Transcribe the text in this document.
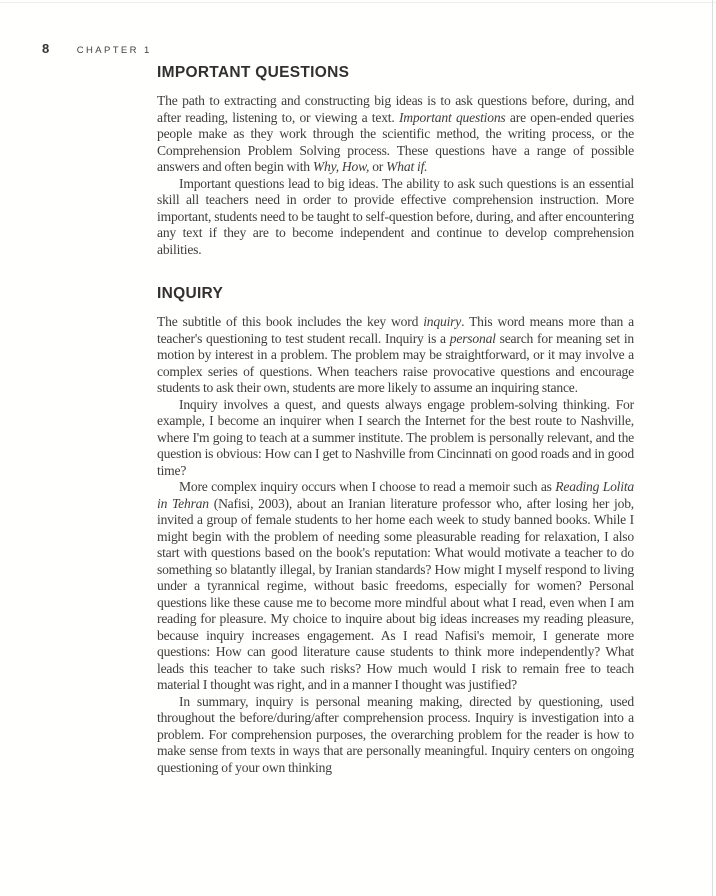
8	CHAPTER 1
IMPORTANT QUESTIONS

The path to extracting and constructing big ideas is to ask questions before, during, and after reading, listening to, or viewing a text. Important questions are open-ended queries people make as they work through the scientific method, the writing process, or the Comprehension Problem Solving process. These questions have a range of possible answers and often begin with Why, How, or What if.

Important questions lead to big ideas. The ability to ask such questions is an essential skill all teachers need in order to provide effective comprehension instruction. More important, students need to be taught to self-question before, during, and after encountering any text if they are to become independent and continue to develop comprehension abilities.

INQUIRY

The subtitle of this book includes the key word inquiry. This word means more than a teacher's questioning to test student recall. Inquiry is a personal search for meaning set in motion by interest in a problem. The problem may be straightforward, or it may involve a complex series of questions. When teachers raise provocative questions and encourage students to ask their own, students are more likely to assume an inquiring stance.

Inquiry involves a quest, and quests always engage problem-solving thinking. For example, I become an inquirer when I search the Internet for the best route to Nashville, where I'm going to teach at a summer institute. The problem is personally relevant, and the question is obvious: How can I get to Nashville from Cincinnati on good roads and in good time?

More complex inquiry occurs when I choose to read a memoir such as Reading Lolita in Tehran (Nafisi, 2003), about an Iranian literature professor who, after losing her job, invited a group of female students to her home each week to study banned books. While I might begin with the problem of needing some pleasurable reading for relaxation, I also start with questions based on the book's reputation: What would motivate a teacher to do something so blatantly illegal, by Iranian standards? How might I myself respond to living under a tyrannical regime, without basic freedoms, especially for women? Personal questions like these cause me to become more mindful about what I read, even when I am reading for pleasure. My choice to inquire about big ideas increases my reading pleasure, because inquiry increases engagement. As I read Nafisi's memoir, I generate more questions: How can good literature cause students to think more independently? What leads this teacher to take such risks? How much would I risk to remain free to teach material I thought was right, and in a manner I thought was justified?

In summary, inquiry is personal meaning making, directed by questioning, used throughout the before/during/after comprehension process. Inquiry is investigation into a problem. For comprehension purposes, the overarching problem for the reader is how to make sense from texts in ways that are personally meaningful. Inquiry centers on ongoing questioning of your own thinking
